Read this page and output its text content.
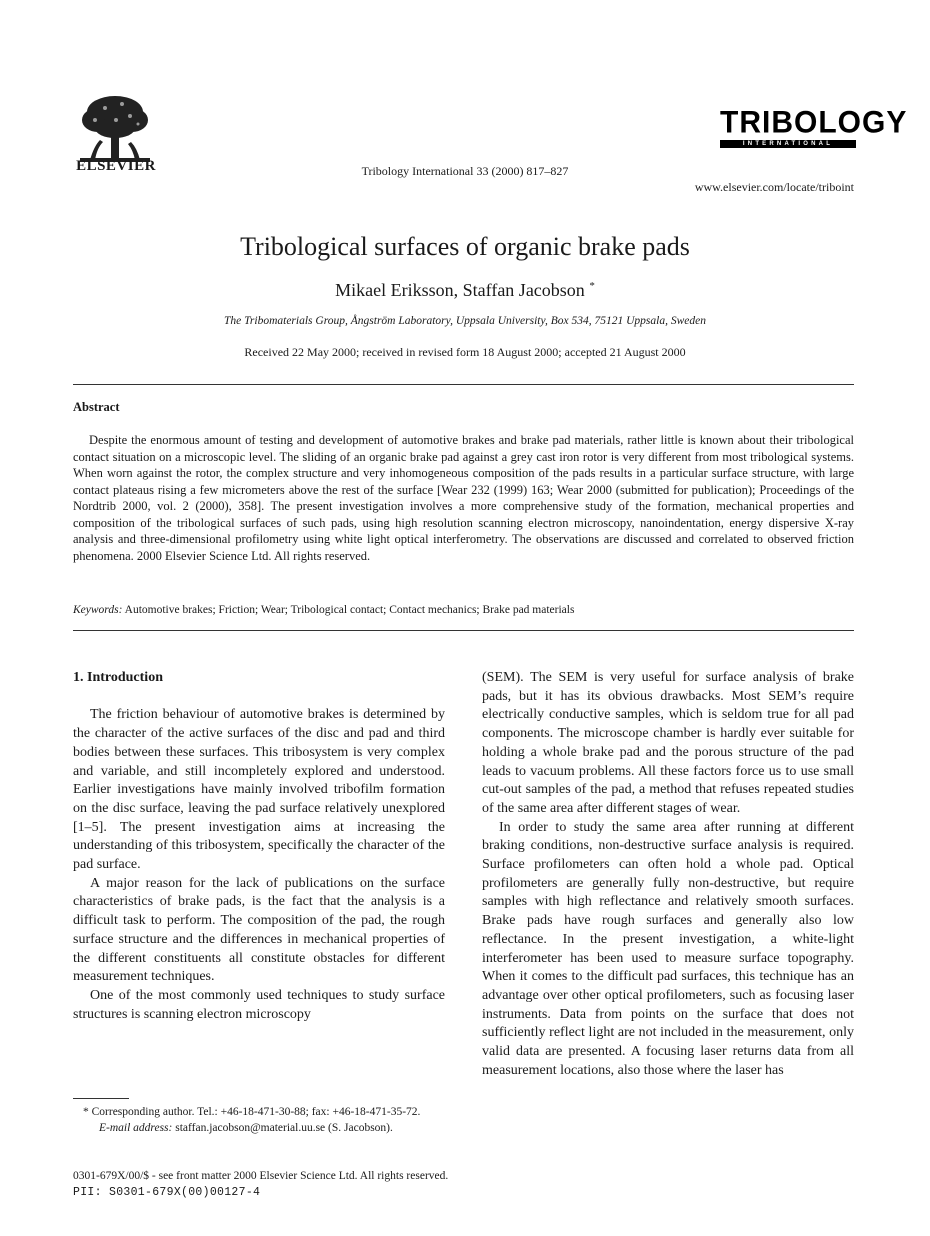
ELSEVIER	Tribology International 33 (2000) 817–827
www.elsevier.com/locate/triboint
TRIBOLOGY
INTERNATIONAL
Tribological surfaces of organic brake pads
Mikael Eriksson, Staffan Jacobson *
The Tribomaterials Group, Ångström Laboratory, Uppsala University, Box 534, 75121 Uppsala, Sweden
Received 22 May 2000; received in revised form 18 August 2000; accepted 21 August 2000
Abstract
Despite the enormous amount of testing and development of automotive brakes and brake pad materials, rather little is known about their tribological contact situation on a microscopic level. The sliding of an organic brake pad against a grey cast iron rotor is very different from most tribological systems. When worn against the rotor, the complex structure and very inhomogeneous composition of the pads results in a particular surface structure, with large contact plateaus rising a few micrometers above the rest of the surface [Wear 232 (1999) 163; Wear 2000 (submitted for publication); Proceedings of the Nordtrib 2000, vol. 2 (2000), 358]. The present investigation involves a more comprehensive study of the formation, mechanical properties and composition of the tribological surfaces of such pads, using high resolution scanning electron microscopy, nanoindentation, energy dispersive X-ray analysis and three-dimensional profilometry using white light optical interferometry. The observations are discussed and correlated to observed friction phenomena. 2000 Elsevier Science Ltd. All rights reserved.
Keywords: Automotive brakes; Friction; Wear; Tribological contact; Contact mechanics; Brake pad materials
1. Introduction

The friction behaviour of automotive brakes is determined by the character of the active surfaces of the disc and pad and third bodies between these surfaces. This tribosystem is very complex and variable, and still incompletely explored and understood. Earlier investigations have mainly involved tribofilm formation on the disc surface, leaving the pad surface relatively unexplored [1–5]. The present investigation aims at increasing the understanding of this tribosystem, specifically the character of the pad surface.

A major reason for the lack of publications on the surface characteristics of brake pads, is the fact that the analysis is a difficult task to perform. The composition of the pad, the rough surface structure and the differences in mechanical properties of the different constituents all constitute obstacles for different measurement techniques.

One of the most commonly used techniques to study surface structures is scanning electron microscopy

(SEM). The SEM is very useful for surface analysis of brake pads, but it has its obvious drawbacks. Most SEM’s require electrically conductive samples, which is seldom true for all pad components. The microscope chamber is hardly ever suitable for holding a whole brake pad and the porous structure of the pad leads to vacuum problems. All these factors force us to use small cut-out samples of the pad, a method that refuses repeated studies of the same area after different stages of wear.

In order to study the same area after running at different braking conditions, non-destructive surface analysis is required. Surface profilometers can often hold a whole pad. Optical profilometers are generally fully non-destructive, but require samples with high reflectance and relatively smooth surfaces. Brake pads have rough surfaces and generally also low reflectance. In the present investigation, a white-light interferometer has been used to measure surface topography. When it comes to the difficult pad surfaces, this technique has an advantage over other optical profilometers, such as focusing laser instruments. Data from points on the surface that does not sufficiently reflect light are not included in the measurement, only valid data are presented. A focusing laser returns data from all measurement locations, also those where the laser has

* Corresponding author. Tel.: +46-18-471-30-88; fax: +46-18-471-35-72.
E-mail address: staffan.jacobson@material.uu.se (S. Jacobson).
0301-679X/00/$ - see front matter 2000 Elsevier Science Ltd. All rights reserved.
PII: S0301-679X(00)00127-4
